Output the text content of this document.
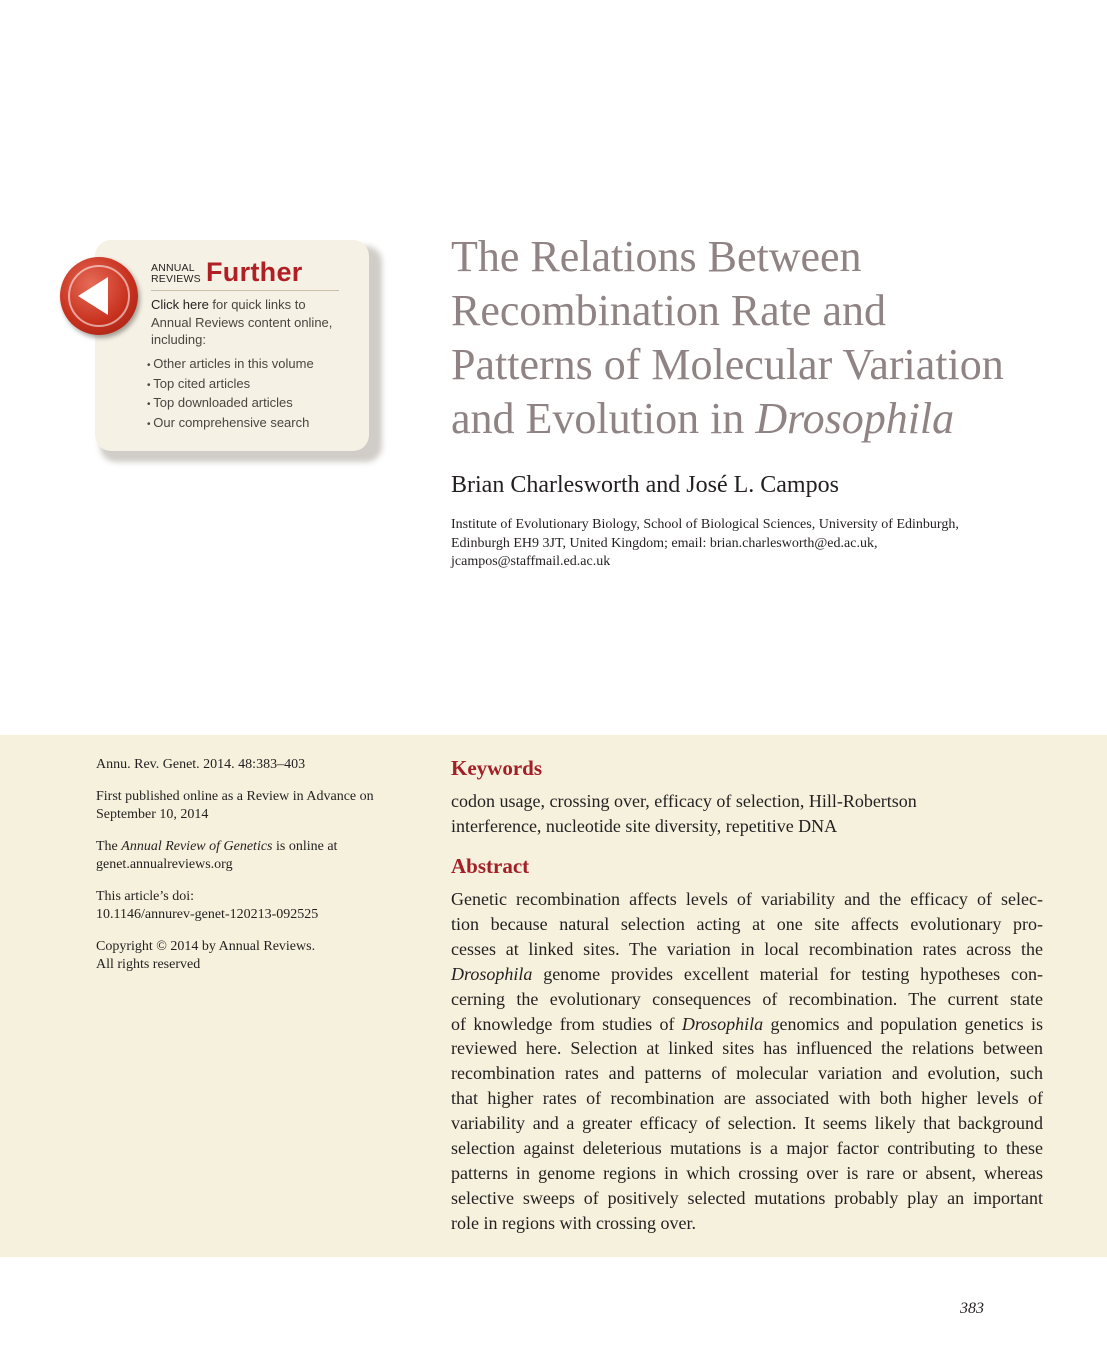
ANNUAL
REVIEWS Further
Click here for quick links to
Annual Reviews content online,
including:
• Other articles in this volume
• Top cited articles
• Top downloaded articles
• Our comprehensive search
The Relations Between
Recombination Rate and
Patterns of Molecular Variation
and Evolution in Drosophila
Brian Charlesworth and José L. Campos
Institute of Evolutionary Biology, School of Biological Sciences, University of Edinburgh,
Edinburgh EH9 3JT, United Kingdom; email: brian.charlesworth@ed.ac.uk,
jcampos@staffmail.ed.ac.uk

Annu. Rev. Genet. 2014. 48:383–403

First published online as a Review in Advance on
September 10, 2014

The Annual Review of Genetics is online at
genet.annualreviews.org

This article’s doi:
10.1146/annurev-genet-120213-092525

Copyright © 2014 by Annual Reviews.
All rights reserved

Keywords
codon usage, crossing over, efficacy of selection, Hill-Robertson
interference, nucleotide site diversity, repetitive DNA
Abstract
Genetic recombination affects levels of variability and the efficacy of selec-
tion because natural selection acting at one site affects evolutionary pro-
cesses at linked sites. The variation in local recombination rates across the
Drosophila genome provides excellent material for testing hypotheses con-
cerning the evolutionary consequences of recombination. The current state
of knowledge from studies of Drosophila genomics and population genetics is
reviewed here. Selection at linked sites has influenced the relations between
recombination rates and patterns of molecular variation and evolution, such
that higher rates of recombination are associated with both higher levels of
variability and a greater efficacy of selection. It seems likely that background
selection against deleterious mutations is a major factor contributing to these
patterns in genome regions in which crossing over is rare or absent, whereas
selective sweeps of positively selected mutations probably play an important
role in regions with crossing over.
383
